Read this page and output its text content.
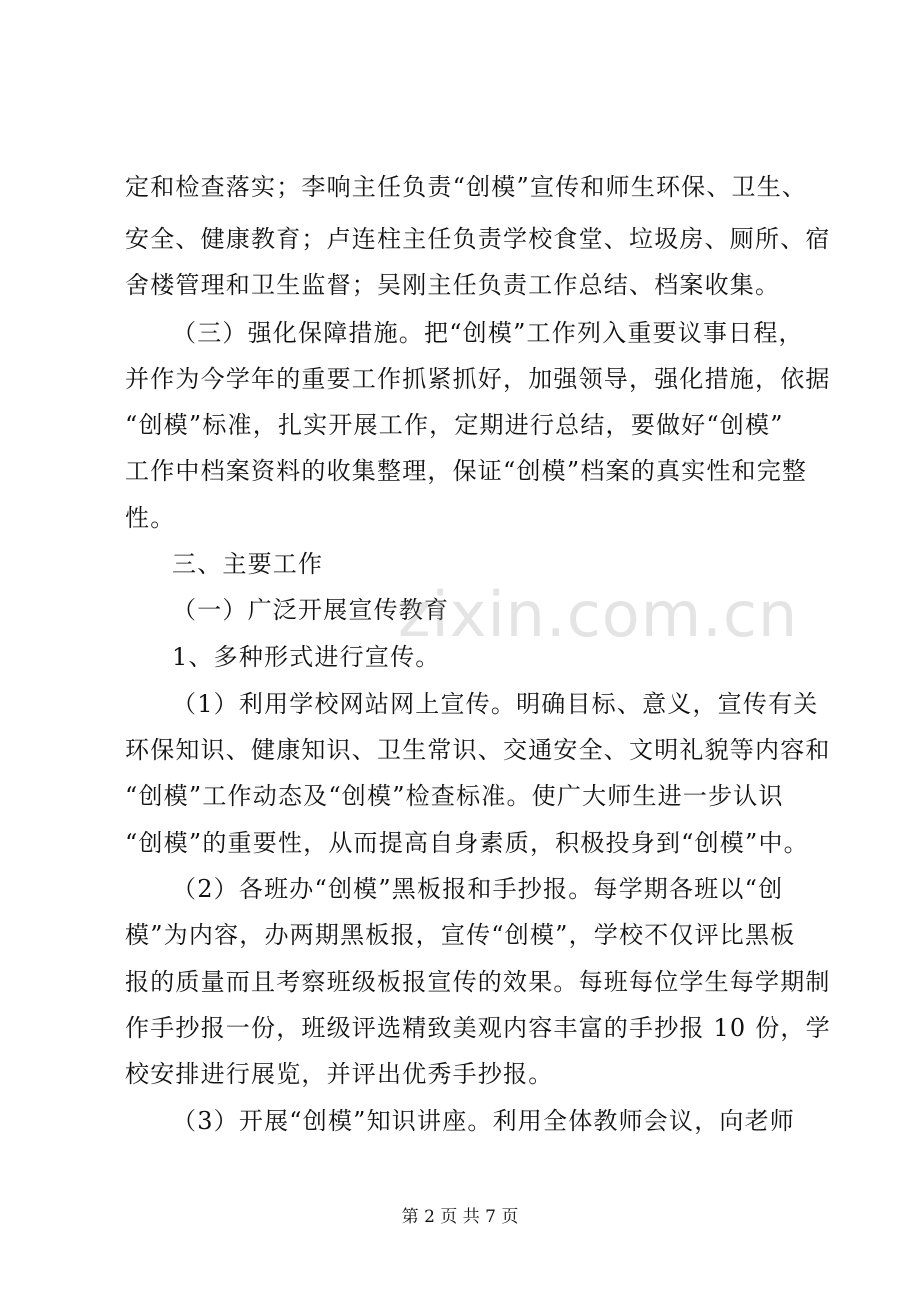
定和检查落实；李响主任负责“创模”宣传和师生环保、卫生、
安全、健康教育；卢连柱主任负责学校食堂、垃圾房、厕所、宿
舍楼管理和卫生监督；吴刚主任负责工作总结、档案收集。
（三）强化保障措施。把“创模”工作列入重要议事日程，
并作为今学年的重要工作抓紧抓好，加强领导，强化措施，依据
“创模”标准，扎实开展工作，定期进行总结，要做好“创模”
工作中档案资料的收集整理，保证“创模”档案的真实性和完整
性。
三、主要工作
（一）广泛开展宣传教育
1、多种形式进行宣传。
（1）利用学校网站网上宣传。明确目标、意义，宣传有关
环保知识、健康知识、卫生常识、交通安全、文明礼貌等内容和
“创模”工作动态及“创模”检查标准。使广大师生进一步认识
“创模”的重要性，从而提高自身素质，积极投身到“创模”中。
（2）各班办“创模”黑板报和手抄报。每学期各班以“创
模”为内容，办两期黑板报，宣传“创模”，学校不仅评比黑板
报的质量而且考察班级板报宣传的效果。每班每位学生每学期制
作手抄报一份，班级评选精致美观内容丰富的手抄报 10 份，学
校安排进行展览，并评出优秀手抄报。
（3）开展“创模”知识讲座。利用全体教师会议，向老师
zixin.com.cn
第 2 页 共 7 页
